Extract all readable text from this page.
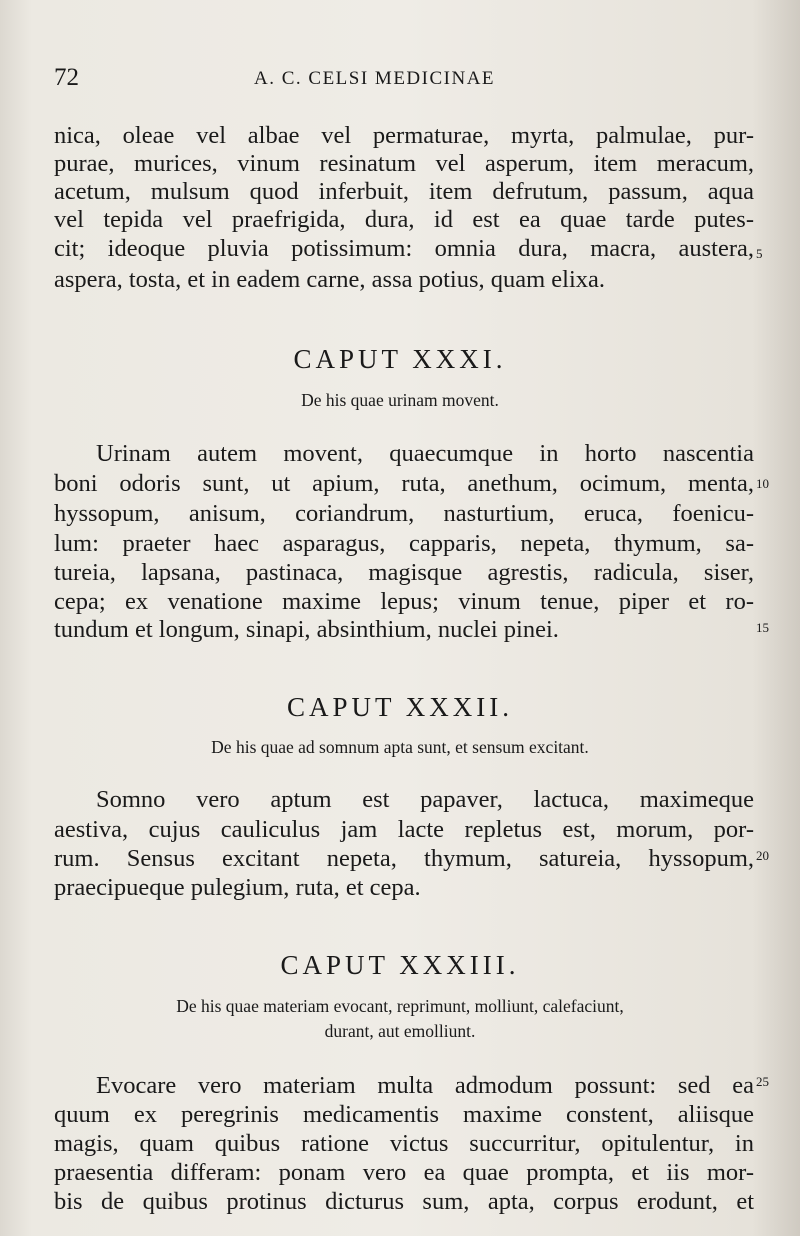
72	A. C. CELSI MEDICINAE
nica, oleae vel albae vel permaturae, myrta, palmulae, pur-
purae, murices, vinum resinatum vel asperum, item meracum,
acetum, mulsum quod inferbuit, item defrutum, passum, aqua
vel tepida vel praefrigida, dura, id est ea quae tarde putes-
cit; ideoque pluvia potissimum: omnia dura, macra, austera,
aspera, tosta, et in eadem carne, assa potius, quam elixa.
5
CAPUT XXXI.
De his quae urinam movent.
Urinam autem movent, quaecumque in horto nascentia
boni odoris sunt, ut apium, ruta, anethum, ocimum, menta,
hyssopum, anisum, coriandrum, nasturtium, eruca, foenicu-
lum: praeter haec asparagus, capparis, nepeta, thymum, sa-
tureia, lapsana, pastinaca, magisque agrestis, radicula, siser,
cepa; ex venatione maxime lepus; vinum tenue, piper et ro-
tundum et longum, sinapi, absinthium, nuclei pinei.
10
15
CAPUT XXXII.
De his quae ad somnum apta sunt, et sensum excitant.
Somno vero aptum est papaver, lactuca, maximeque
aestiva, cujus cauliculus jam lacte repletus est, morum, por-
rum. Sensus excitant nepeta, thymum, satureia, hyssopum,
praecipueque pulegium, ruta, et cepa.
20
CAPUT XXXIII.
De his quae materiam evocant, reprimunt, molliunt, calefaciunt,
durant, aut emolliunt.
Evocare vero materiam multa admodum possunt: sed ea
quum ex peregrinis medicamentis maxime constent, aliisque
magis, quam quibus ratione victus succurritur, opitulentur, in
praesentia differam: ponam vero ea quae prompta, et iis mor-
bis de quibus protinus dicturus sum, apta, corpus erodunt, et
25
